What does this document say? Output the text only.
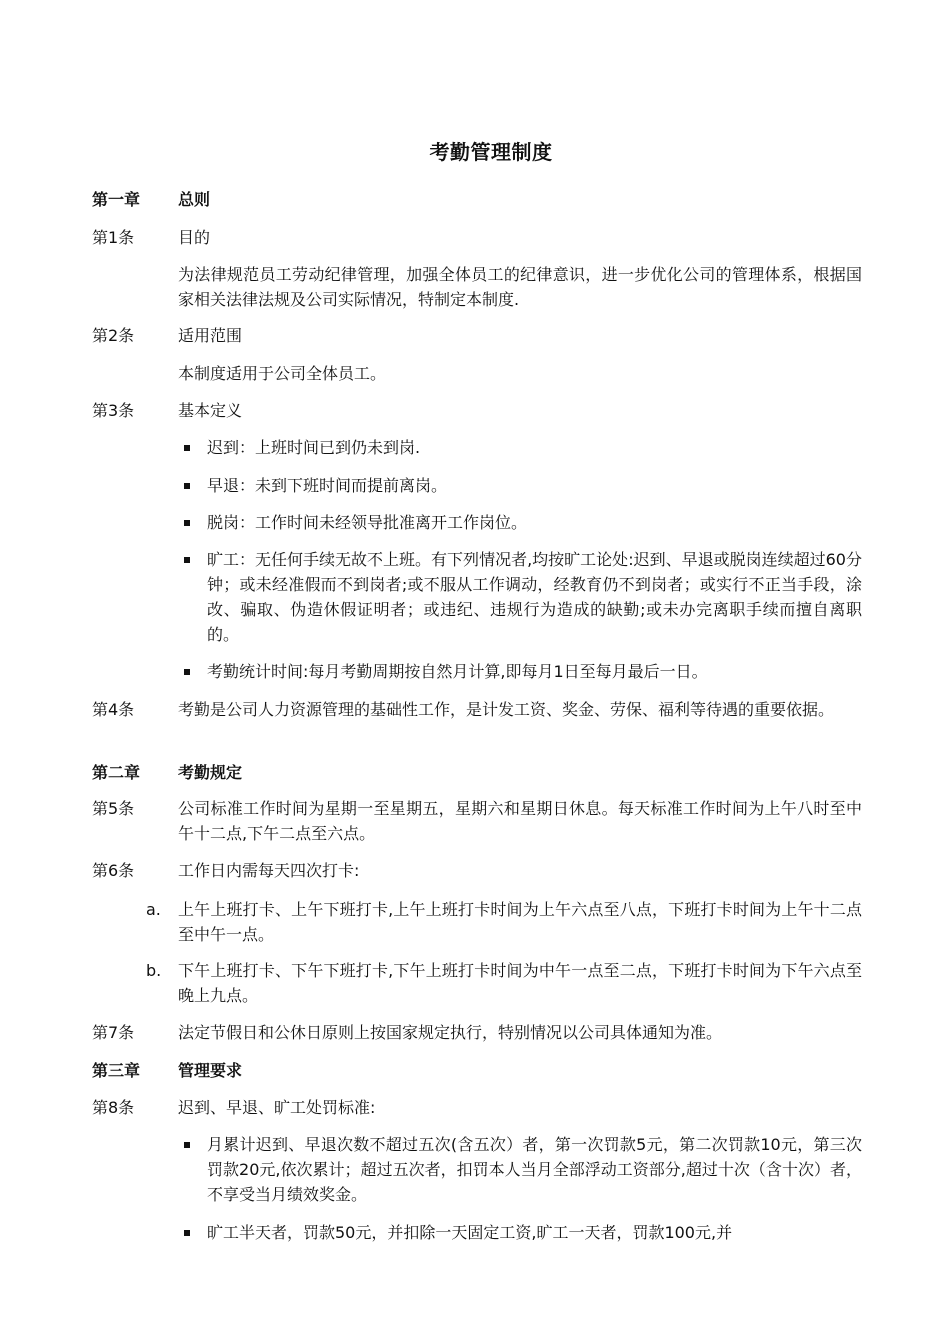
考勤管理制度
第一章	总则
第1条	目的
为法律规范员工劳动纪律管理，加强全体员工的纪律意识，进一步优化公司的管理体系，根据国家相关法律法规及公司实际情况，特制定本制度.
第2条	适用范围
本制度适用于公司全体员工。
第3条	基本定义
迟到：上班时间已到仍未到岗.
早退：未到下班时间而提前离岗。
脱岗：工作时间未经领导批准离开工作岗位。
旷工：无任何手续无故不上班。有下列情况者,均按旷工论处:迟到、早退或脱岗连续超过60分钟；或未经准假而不到岗者;或不服从工作调动，经教育仍不到岗者；或实行不正当手段，涂改、骗取、伪造休假证明者；或违纪、违规行为造成的缺勤;或未办完离职手续而擅自离职的。
考勤统计时间:每月考勤周期按自然月计算,即每月1日至每月最后一日。
第4条	考勤是公司人力资源管理的基础性工作，是计发工资、奖金、劳保、福利等待遇的重要依据。
第二章	考勤规定
第5条	公司标准工作时间为星期一至星期五，星期六和星期日休息。每天标准工作时间为上午八时至中午十二点,下午二点至六点。
第6条	工作日内需每天四次打卡:
a.	上午上班打卡、上午下班打卡,上午上班打卡时间为上午六点至八点，下班打卡时间为上午十二点至中午一点。
b.	下午上班打卡、下午下班打卡,下午上班打卡时间为中午一点至二点，下班打卡时间为下午六点至晚上九点。
第7条	法定节假日和公休日原则上按国家规定执行，特别情况以公司具体通知为准。
第三章	管理要求
第8条	迟到、早退、旷工处罚标准:
月累计迟到、早退次数不超过五次(含五次）者，第一次罚款5元，第二次罚款10元，第三次罚款20元,依次累计；超过五次者，扣罚本人当月全部浮动工资部分,超过十次（含十次）者，不享受当月绩效奖金。
旷工半天者，罚款50元，并扣除一天固定工资,旷工一天者，罚款100元,并
